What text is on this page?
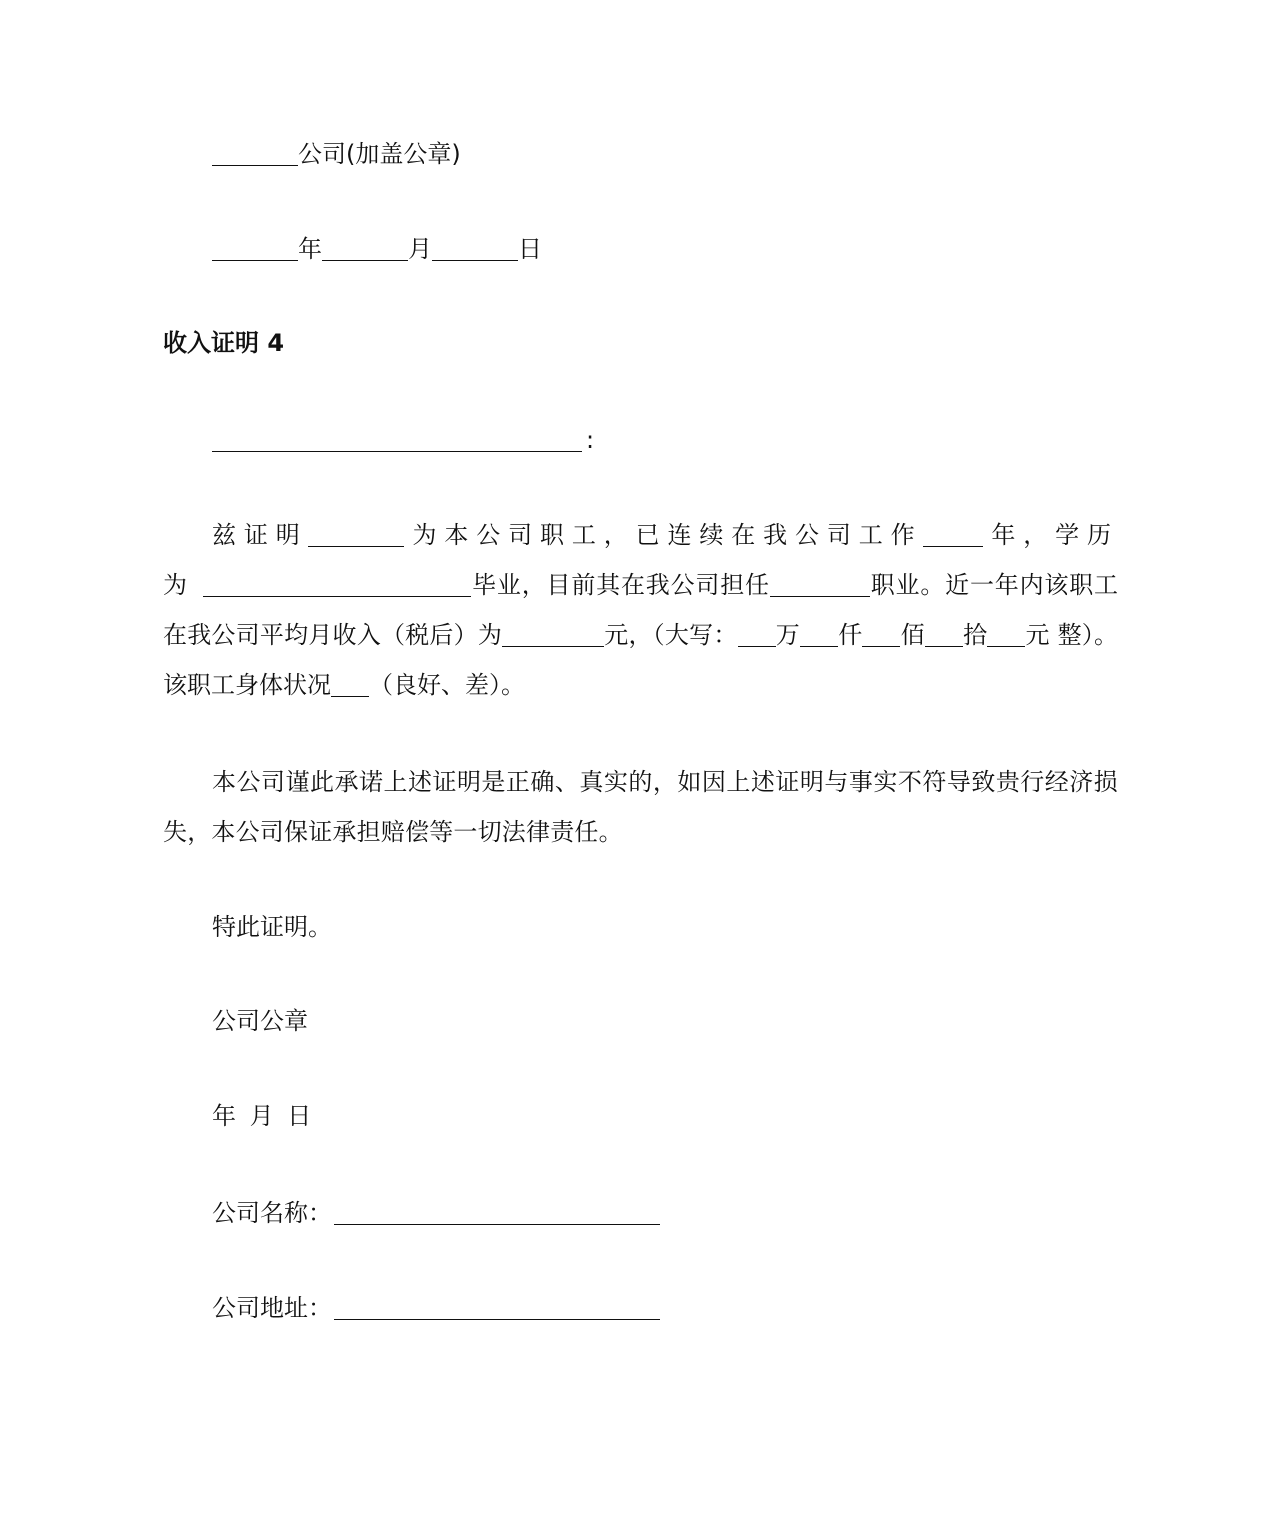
公司(加盖公章)
年	月	日
收入证明 4
:
兹证明	为本公司职工，已连续在我公司工作	年，学历为	毕业，目前其在我公司担任	职业。近一年内该职工在我公司平均月收入（税后）为	元，（大写： 万 仟 佰 拾 元 整）。该职工身体状况 （良好、差）。
本公司谨此承诺上述证明是正确、真实的，如因上述证明与事实不符导致贵行经济损失，本公司保证承担赔偿等一切法律责任。
特此证明。
公司公章
年 月 日
公司名称：
公司地址：
